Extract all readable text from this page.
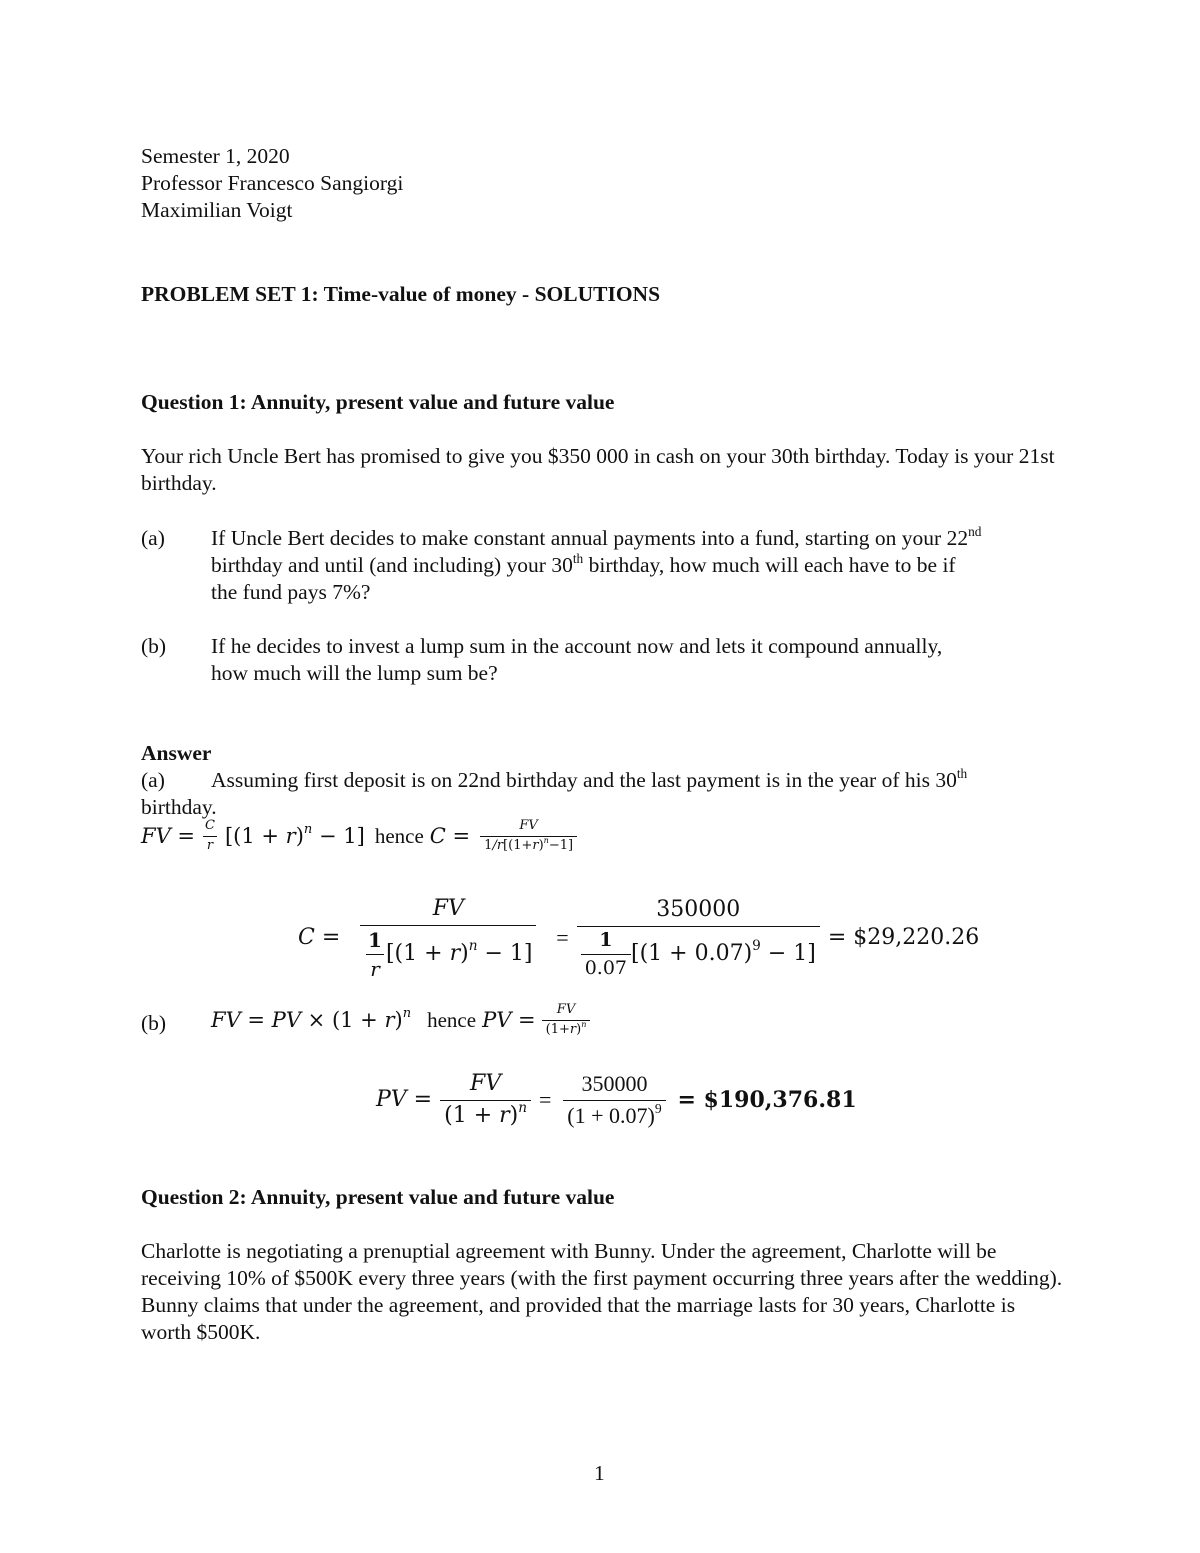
Semester 1, 2020
Professor Francesco Sangiorgi
Maximilian Voigt
PROBLEM SET 1: Time-value of money - SOLUTIONS
Question 1: Annuity, present value and future value
Your rich Uncle Bert has promised to give you $350 000 in cash on your 30th birthday. Today is your 21st birthday.
(a) If Uncle Bert decides to make constant annual payments into a fund, starting on your 22nd
birthday and until (and including) your 30th birthday, how much will each have to be if
the fund pays 7%?
(b) If he decides to invest a lump sum in the account now and lets it compound annually,
how much will the lump sum be?
Answer
(a) Assuming first deposit is on 22nd birthday and the last payment is in the year of his 30th
birthday.
FV = $\frac{C}{r} [(1 + r)^n - 1]$ hence $C = \frac{FV}{1/r[(1+r)^n-1]}$
$C = \frac{FV}{\frac{1}{r} [(1 + r)^n - 1]} = \frac{350000}{\frac{1}{0.07} [(1 + 0.07)^9 - 1]}$ = $29,220.26
(b) FV = PV × $(1 + r)^n$ hence PV = $\frac{FV}{(1+r)^n}$
PV = $\frac{FV}{(1 + r)^n} = \frac{350000}{(1 + 0.07)^9}$ = $190,376.81
Question 2: Annuity, present value and future value
Charlotte is negotiating a prenuptial agreement with Bunny. Under the agreement, Charlotte will be receiving 10% of $500K every three years (with the first payment occurring three years after the wedding). Bunny claims that under the agreement, and provided that the marriage lasts for 30 years, Charlotte is worth $500K.
1
